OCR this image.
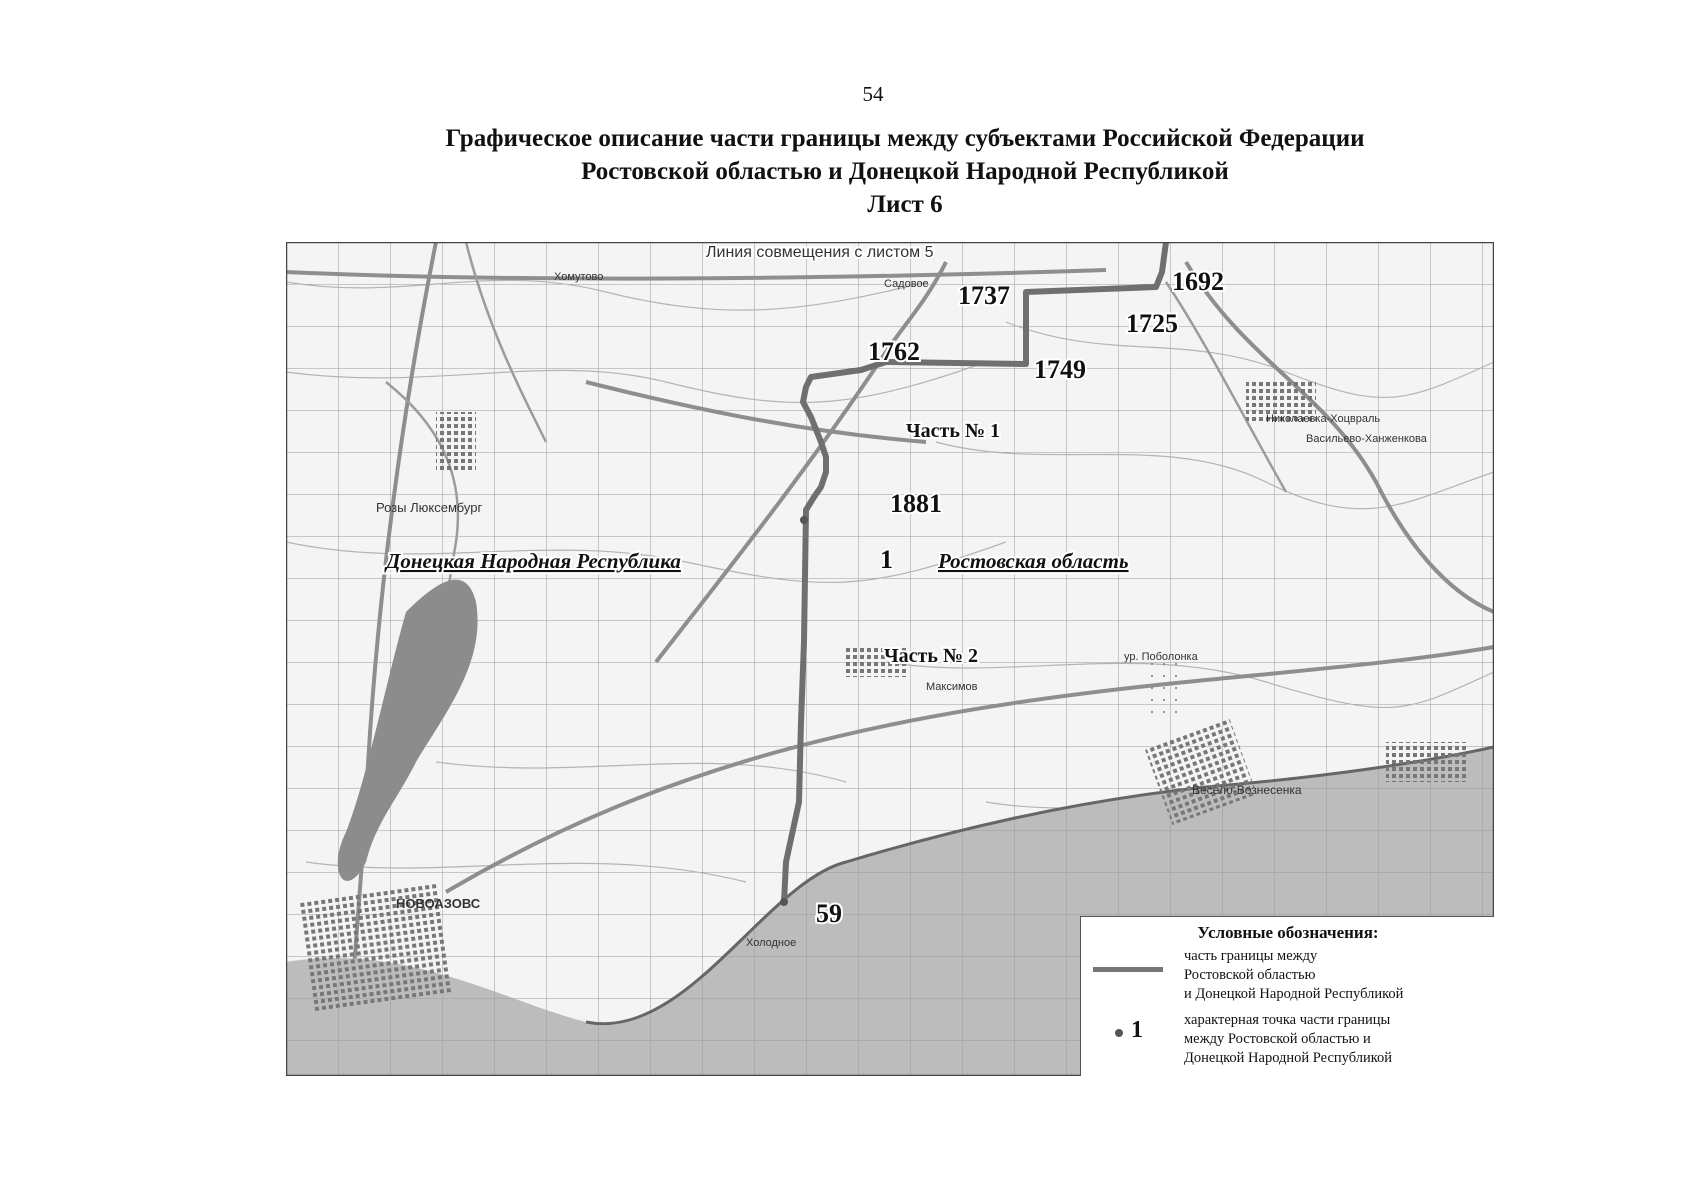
54
Графическое описание части границы между субъектами Российской Федерации
Ростовской областью и Донецкой Народной Республикой
Лист 6
Линия совмещения с листом 5
1692
1725
1737
1749
1762
1881
1
59
Часть № 1
Часть № 2
Донецкая Народная Республика	Ростовская область
НОВОАЗОВС
Весело-Вознесенка
Розы Люксембург
Максимов
Холодное
Николаевка-Хоцвраль
Васильево-Ханженкова
ур. Поболонка
Садовое
Хомутово
Условные обозначения:
часть границы между
Ростовской областью
и Донецкой Народной Республикой
1	характерная точка части границы
между Ростовской областью и
Донецкой Народной Республикой
